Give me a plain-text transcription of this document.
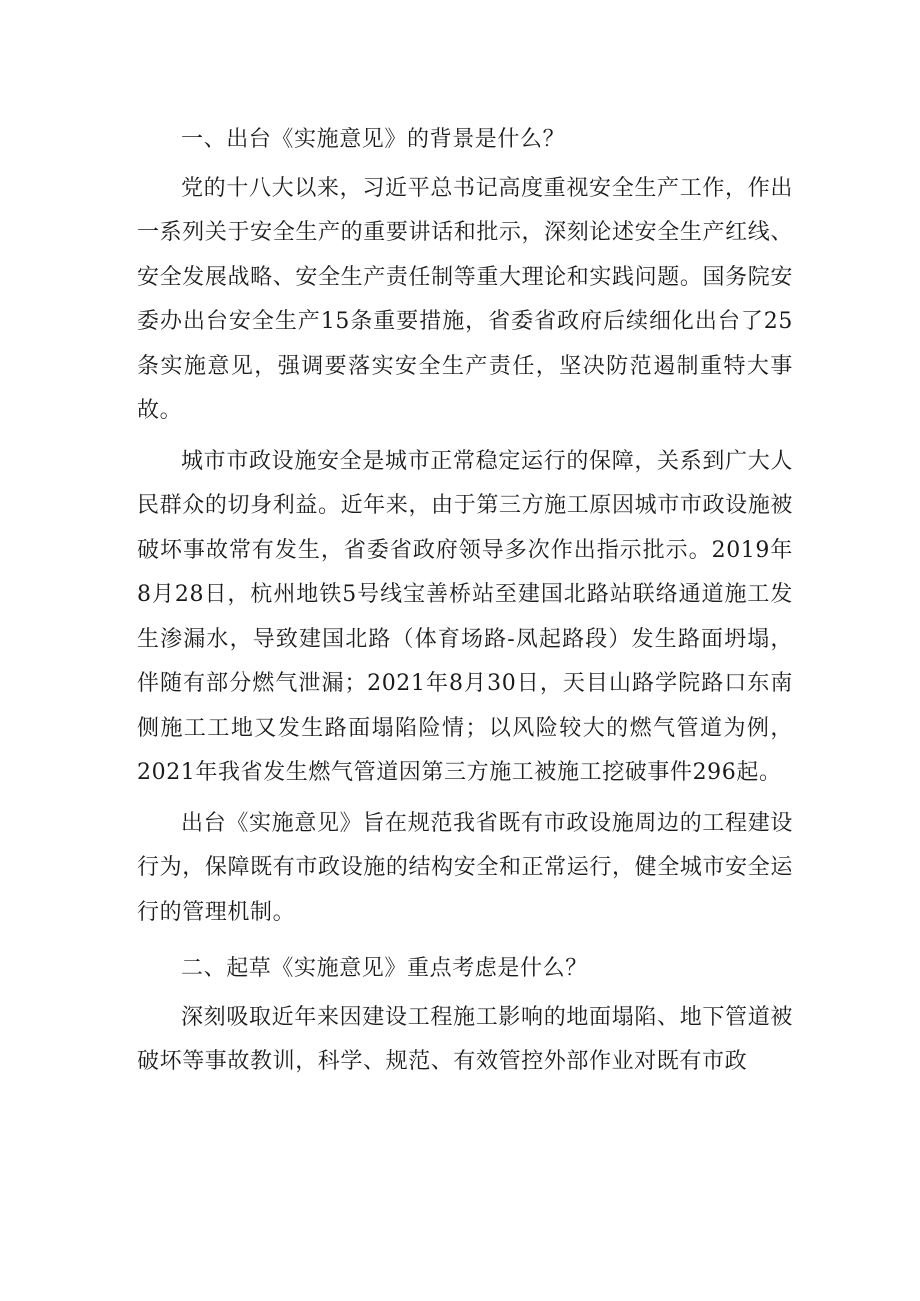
一、出台《实施意见》的背景是什么？

党的十八大以来，习近平总书记高度重视安全生产工作，作出一系列关于安全生产的重要讲话和批示，深刻论述安全生产红线、安全发展战略、安全生产责任制等重大理论和实践问题。国务院安委办出台安全生产15条重要措施，省委省政府后续细化出台了25条实施意见，强调要落实安全生产责任，坚决防范遏制重特大事故。

城市市政设施安全是城市正常稳定运行的保障，关系到广大人民群众的切身利益。近年来，由于第三方施工原因城市市政设施被破坏事故常有发生，省委省政府领导多次作出指示批示。2019年8月28日，杭州地铁5号线宝善桥站至建国北路站联络通道施工发生渗漏水，导致建国北路（体育场路-凤起路段）发生路面坍塌，伴随有部分燃气泄漏；2021年8月30日，天目山路学院路口东南侧施工工地又发生路面塌陷险情；以风险较大的燃气管道为例，2021年我省发生燃气管道因第三方施工被施工挖破事件296起。

出台《实施意见》旨在规范我省既有市政设施周边的工程建设行为，保障既有市政设施的结构安全和正常运行，健全城市安全运行的管理机制。

二、起草《实施意见》重点考虑是什么？

深刻吸取近年来因建设工程施工影响的地面塌陷、地下管道被破坏等事故教训，科学、规范、有效管控外部作业对既有市政
